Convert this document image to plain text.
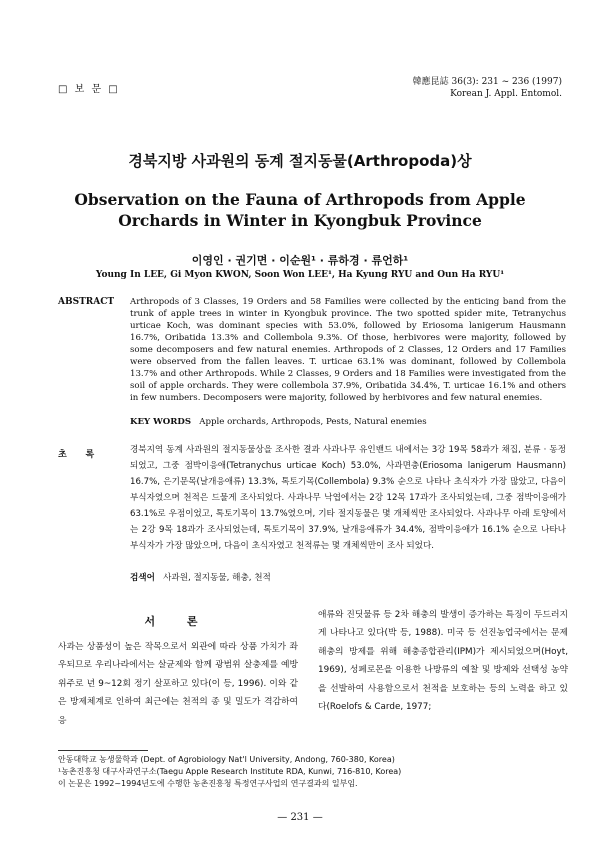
□ 보 문 □
韓應昆誌 36(3): 231 ~ 236 (1997)
Korean J. Appl. Entomol.
경북지방 사과원의 동계 절지동물(Arthropoda)상
Observation on the Fauna of Arthropods from Apple
Orchards in Winter in Kyongbuk Province
이영인 · 권기면 · 이순원¹ · 류하경 · 류언하¹
Young In LEE, Gi Myon KWON, Soon Won LEE¹, Ha Kyung RYU and Oun Ha RYU¹
ABSTRACT Arthropods of 3 Classes, 19 Orders and 58 Families were collected by the enticing band from the trunk of apple trees in winter in Kyongbuk province. The two spotted spider mite, Tetranychus urticae Koch, was dominant species with 53.0%, followed by Eriosoma lanigerum Hausmann 16.7%, Oribatida 13.3% and Collembola 9.3%. Of those, herbivores were majority, followed by some decomposers and few natural enemies. Arthropods of 2 Classes, 12 Orders and 17 Families were observed from the fallen leaves. T. urticae 63.1% was dominant, followed by Collembola 13.7% and other Arthropods. While 2 Classes, 9 Orders and 18 Families were investigated from the soil of apple orchards. They were collembola 37.9%, Oribatida 34.4%, T. urticae 16.1% and others in few numbers. Decomposers were majority, followed by herbivores and few natural enemies.
KEY WORDS Apple orchards, Arthropods, Pests, Natural enemies
초      록	경북지역 동계 사과원의 절지동물상을 조사한 결과 사과나무 유인밴드 내에서는 3강 19목 58과가 채집, 분류 · 동정되었고, 그중 점박이응애(Tetranychus urticae Koch) 53.0%, 사과면충(Eriosoma lanigerum Hausmann) 16.7%, 은기문목(날개응애류) 13.3%, 톡토기목(Collembola) 9.3% 순으로 나타나 초식자가 가장 많았고, 다음이 부식자였으며 천적은 드물게 조사되었다. 사과나무 낙엽에서는 2강 12목 17과가 조사되었는데, 그중 점박이응애가 63.1%로 우점이었고, 톡토기목이 13.7%였으며, 기타 절지동물은 몇 개체씩만 조사되었다. 사과나무 아래 토양에서는 2강 9목 18과가 조사되었는데, 톡토기목이 37.9%, 날개응애류가 34.4%, 점박이응애가 16.1% 순으로 나타나 부식자가 가장 많았으며, 다음이 초식자였고 천적류는 몇 개체씩만이 조사 되었다.
검색어 사과원, 절지동물, 해충, 천적
서 론
사과는 상품성이 높은 작목으로서 외관에 따라 상품 가치가 좌우되므로 우리나라에서는 살균제와 함께 광범위 살충제를 예방위주로 년 9~12회 정기 살포하고 있다(이 등, 1996). 이와 같은 방제체계로 인하여 최근에는 천적의 종 및 밀도가 격감하여 응
애류와 진딧물류 등 2차 해충의 발생이 증가하는 특징이 두드러지게 나타나고 있다(박 등, 1988). 미국 등 선진농업국에서는 문제해충의 방제를 위해 해충종합관리(IPM)가 제시되었으며(Hoyt, 1969), 성페로몬을 이용한 나방류의 예찰 및 방제와 선택성 농약을 선발하여 사용함으로서 천적을 보호하는 등의 노력을 하고 있다(Roelofs & Carde, 1977;
안동대학교 농생물학과 (Dept. of Agrobiology Nat'l University, Andong, 760-380, Korea)
¹농촌진흥청 대구사과연구소(Taegu Apple Research Institute RDA, Kunwi, 716-810, Korea)
이 논문은 1992~1994년도에 수행한 농촌진흥청 특정연구사업의 연구결과의 일부임.
— 231 —
